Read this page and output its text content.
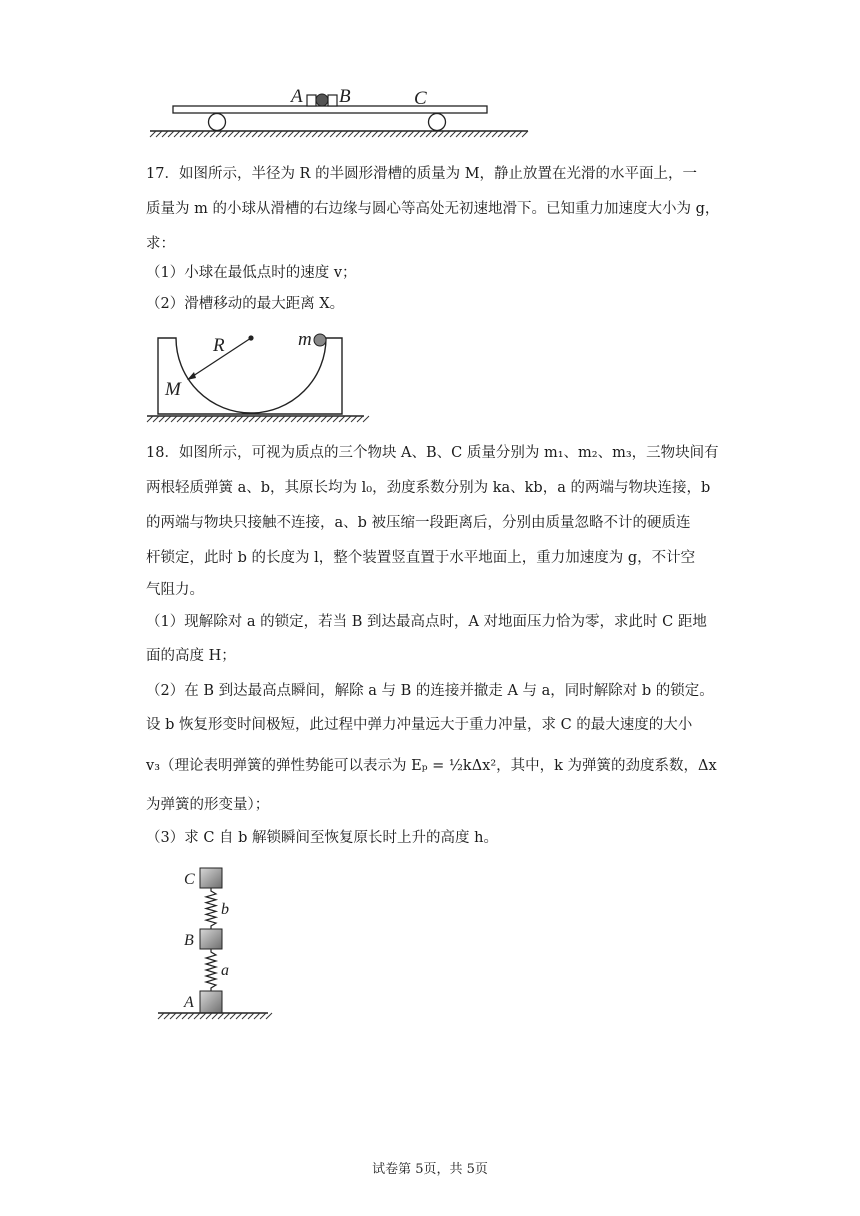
A B	C
17．如图所示，半径为 R 的半圆形滑槽的质量为 M，静止放置在光滑的水平面上，一
质量为 m 的小球从滑槽的右边缘与圆心等高处无初速地滑下。已知重力加速度大小为 g，
求：
（1）小球在最低点时的速度 v；
（2）滑槽移动的最大距离 X。
R	m
M
18．如图所示，可视为质点的三个物块 A、B、C 质量分别为 m₁、m₂、m₃，三物块间有
两根轻质弹簧 a、b，其原长均为 l₀，劲度系数分别为 ka、kb，a 的两端与物块连接，b
的两端与物块只接触不连接，a、b 被压缩一段距离后，分别由质量忽略不计的硬质连
杆锁定，此时 b 的长度为 l，整个装置竖直置于水平地面上，重力加速度为 g，不计空
气阻力。
（1）现解除对 a 的锁定，若当 B 到达最高点时，A 对地面压力恰为零，求此时 C 距地
面的高度 H；
（2）在 B 到达最高点瞬间，解除 a 与 B 的连接并撤走 A 与 a，同时解除对 b 的锁定。
设 b 恢复形变时间极短，此过程中弹力冲量远大于重力冲量，求 C 的最大速度的大小
v₃（理论表明弹簧的弹性势能可以表示为 Eₚ = ½kΔx²，其中，k 为弹簧的劲度系数，Δx
为弹簧的形变量）；
（3）求 C 自 b 解锁瞬间至恢复原长时上升的高度 h。
C
B
A
b
a
试卷第 5页，共 5页
